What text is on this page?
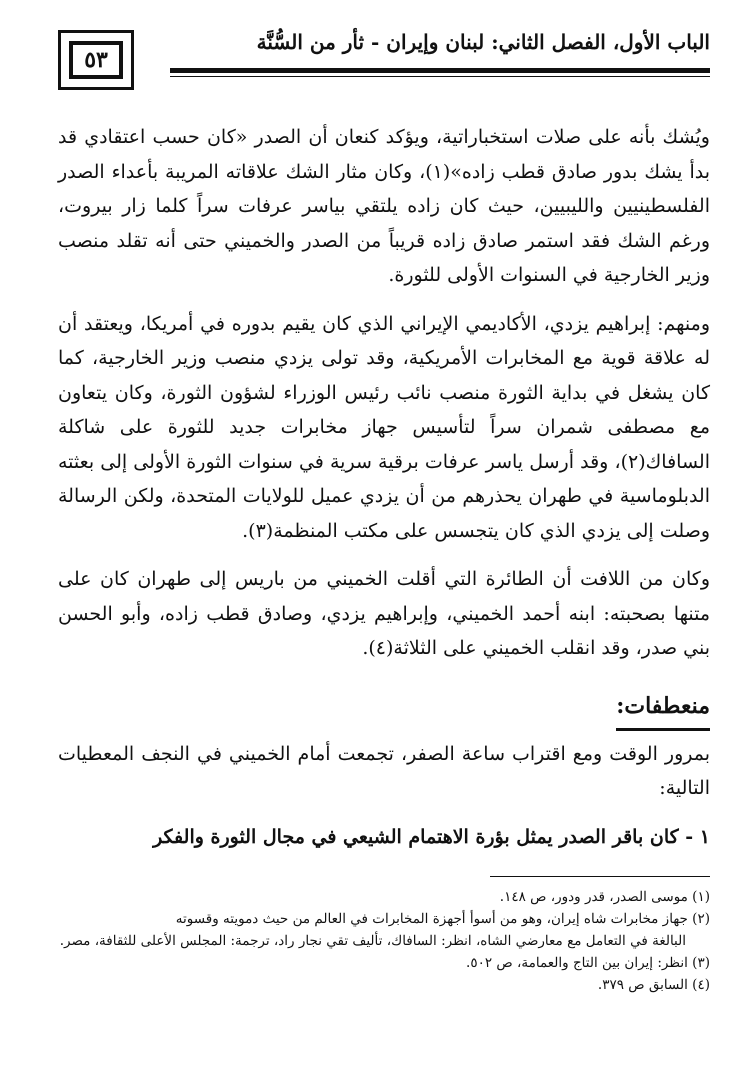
الباب الأول، الفصل الثاني: لبنان وإيران - ثأر من السُّنَّة
٥٣

ويُشك بأنه على صلات استخباراتية، ويؤكد كنعان أن الصدر «كان حسب اعتقادي قد بدأ يشك بدور صادق قطب زاده»(١)، وكان مثار الشك علاقاته المريبة بأعداء الصدر الفلسطينيين والليبيين، حيث كان زاده يلتقي بياسر عرفات سراً كلما زار بيروت، ورغم الشك فقد استمر صادق زاده قريباً من الصدر والخميني حتى أنه تقلد منصب وزير الخارجية في السنوات الأولى للثورة.

ومنهم: إبراهيم يزدي، الأكاديمي الإيراني الذي كان يقيم بدوره في أمريكا، ويعتقد أن له علاقة قوية مع المخابرات الأمريكية، وقد تولى يزدي منصب وزير الخارجية، كما كان يشغل في بداية الثورة منصب نائب رئيس الوزراء لشؤون الثورة، وكان يتعاون مع مصطفى شمران سراً لتأسيس جهاز مخابرات جديد للثورة على شاكلة السافاك(٢)، وقد أرسل ياسر عرفات برقية سرية في سنوات الثورة الأولى إلى بعثته الدبلوماسية في طهران يحذرهم من أن يزدي عميل للولايات المتحدة، ولكن الرسالة وصلت إلى يزدي الذي كان يتجسس على مكتب المنظمة(٣).

وكان من اللافت أن الطائرة التي أقلت الخميني من باريس إلى طهران كان على متنها بصحبته: ابنه أحمد الخميني، وإبراهيم يزدي، وصادق قطب زاده، وأبو الحسن بني صدر، وقد انقلب الخميني على الثلاثة(٤).

منعطفات:

بمرور الوقت ومع اقتراب ساعة الصفر، تجمعت أمام الخميني في النجف المعطيات التالية:

١ - كان باقر الصدر يمثل بؤرة الاهتمام الشيعي في مجال الثورة والفكر

(١) موسى الصدر، قدر ودور، ص ١٤٨.

(٢) جهاز مخابرات شاه إيران، وهو من أسوأ أجهزة المخابرات في العالم من حيث دمويته وقسوته

البالغة في التعامل مع معارضي الشاه، انظر: السافاك، تأليف تقي نجار راد، ترجمة: المجلس الأعلى للثقافة، مصر.

(٣) انظر: إيران بين التاج والعمامة، ص ٥٠٢.

(٤) السابق ص ٣٧٩.
